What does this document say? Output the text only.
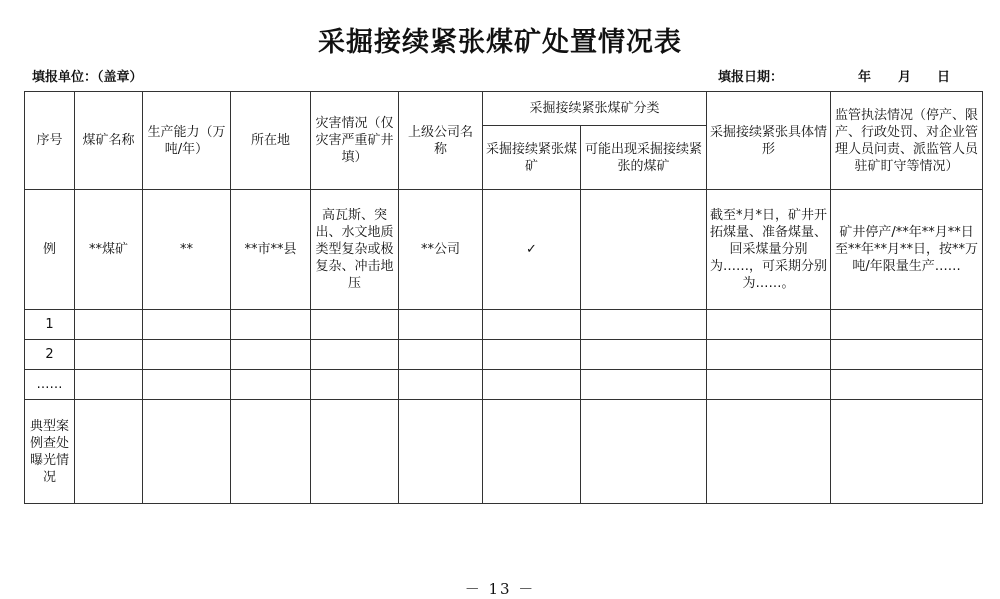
采掘接续紧张煤矿处置情况表
填报单位：（盖章）	填报日期：	年 月 日
序号	煤矿名称	生产能力（万吨/年）	所在地	灾害情况（仅灾害严重矿井填）	上级公司名称	采掘接续紧张煤矿分类		采掘接续紧张具体情形	监管执法情况（停产、限产、行政处罚、对企业管理人员问责、派监管人员驻矿盯守等情况）
						采掘接续紧张煤矿	可能出现采掘接续紧张的煤矿		
例	**煤矿	**	**市**县	高瓦斯、突出、水文地质类型复杂或极复杂、冲击地压	**公司	✓		截至*月*日，矿井开拓煤量、准备煤量、回采煤量分别为……，可采期分别为……。	矿井停产/**年**月**日至**年**月**日，按**万吨/年限量生产……
1									
2									
……									
典型案例查处曝光情况									
－ 13 －
